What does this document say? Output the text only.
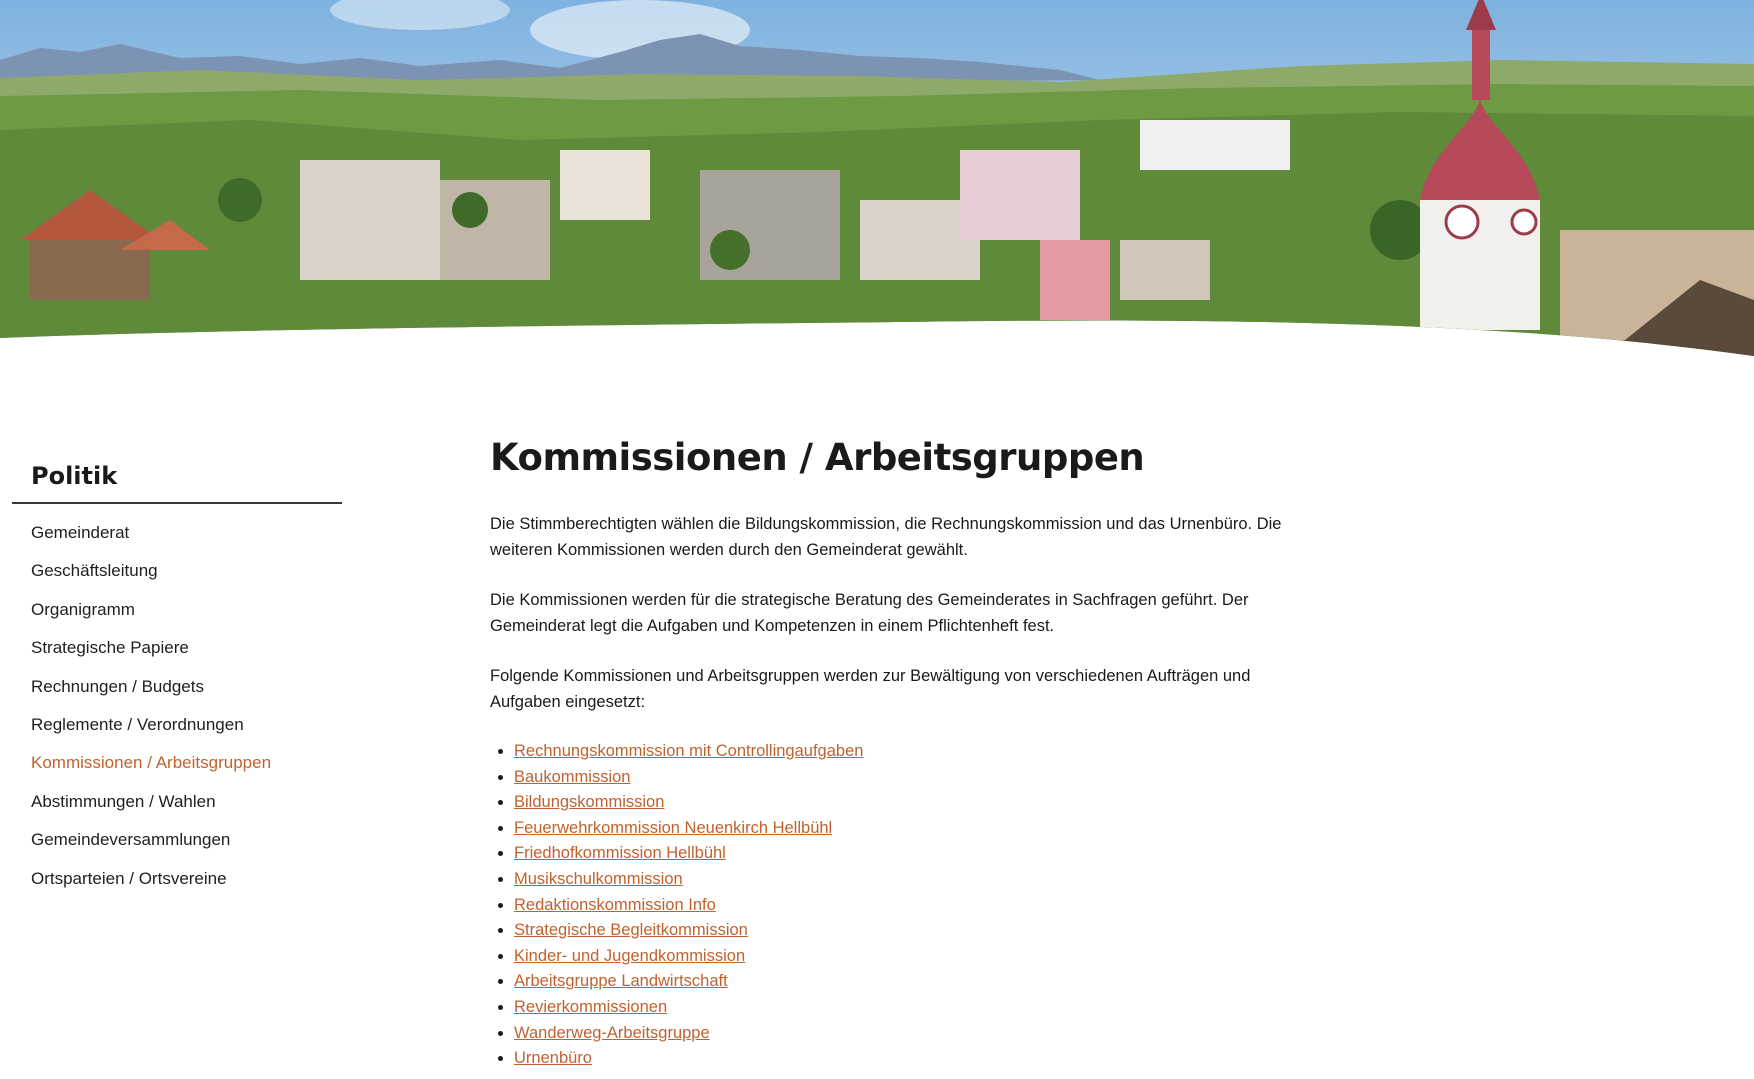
Politik
Gemeinderat
Geschäftsleitung
Organigramm
Strategische Papiere
Rechnungen / Budgets
Reglemente / Verordnungen
Kommissionen / Arbeitsgruppen
Abstimmungen / Wahlen
Gemeindeversammlungen
Ortsparteien / Ortsvereine
Kommissionen / Arbeitsgruppen

Die Stimmberechtigten wählen die Bildungskommission, die Rechnungskommission und das Urnenbüro. Die weiteren Kommissionen werden durch den Gemeinderat gewählt.

Die Kommissionen werden für die strategische Beratung des Gemeinderates in Sachfragen geführt. Der Gemeinderat legt die Aufgaben und Kompetenzen in einem Pflichtenheft fest.

Folgende Kommissionen und Arbeitsgruppen werden zur Bewältigung von verschiedenen Aufträgen und Aufgaben eingesetzt:

• Rechnungskommission mit Controllingaufgaben
• Baukommission
• Bildungskommission
• Feuerwehrkommission Neuenkirch Hellbühl
• Friedhofkommission Hellbühl
• Musikschulkommission
• Redaktionskommission Info
• Strategische Begleitkommission
• Kinder- und Jugendkommission
• Arbeitsgruppe Landwirtschaft
• Revierkommissionen
• Wanderweg-Arbeitsgruppe
• Urnenbüro
